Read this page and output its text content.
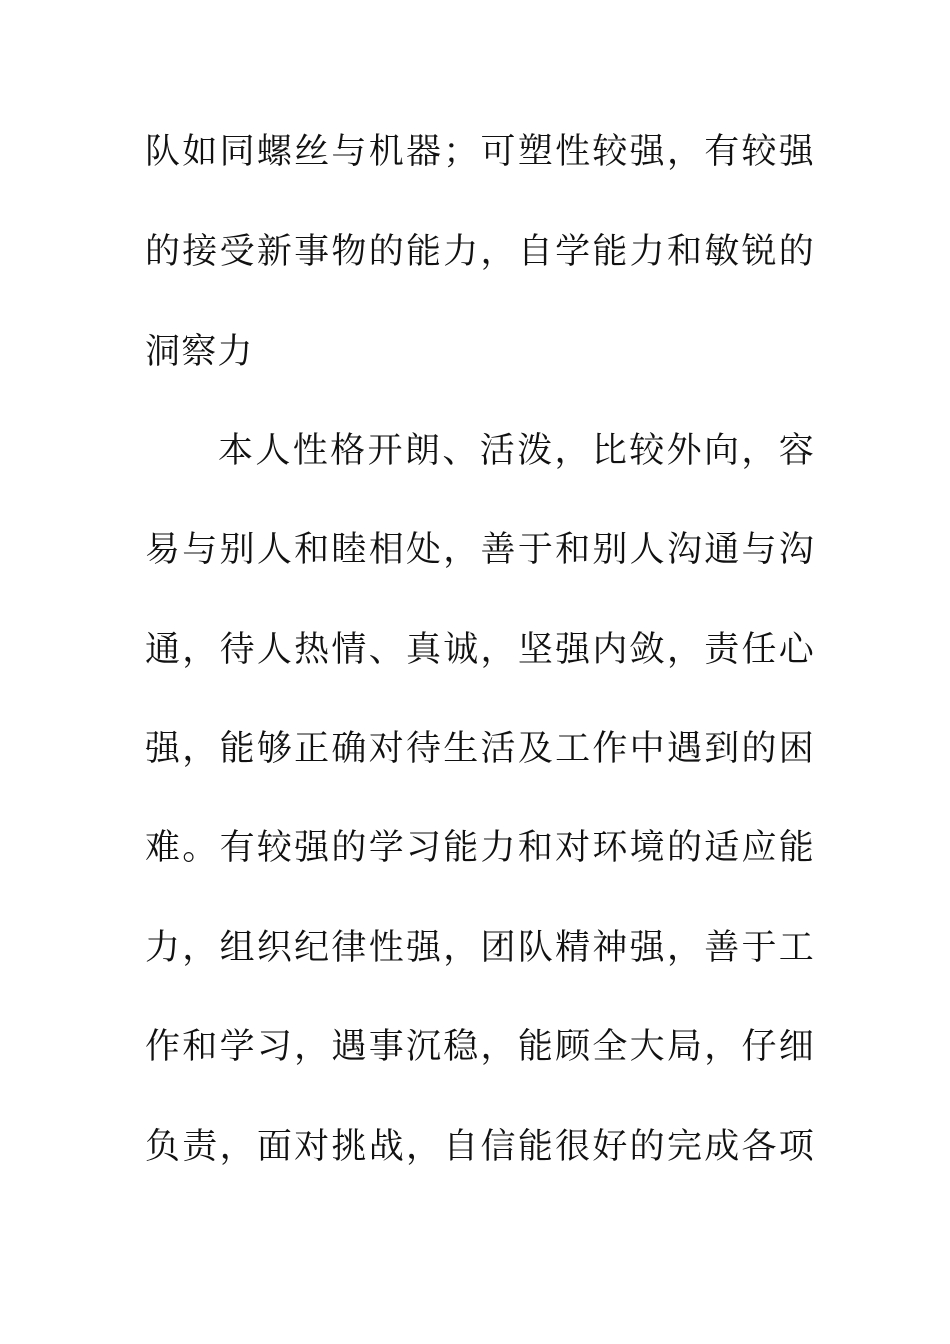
队如同螺丝与机器；可塑性较强，有较强
的接受新事物的能力，自学能力和敏锐的
洞察力
本人性格开朗、活泼，比较外向，容
易与别人和睦相处，善于和别人沟通与沟
通，待人热情、真诚，坚强内敛，责任心
强，能够正确对待生活及工作中遇到的困
难。有较强的学习能力和对环境的适应能
力，组织纪律性强，团队精神强，善于工
作和学习，遇事沉稳，能顾全大局，仔细
负责，面对挑战，自信能很好的完成各项
